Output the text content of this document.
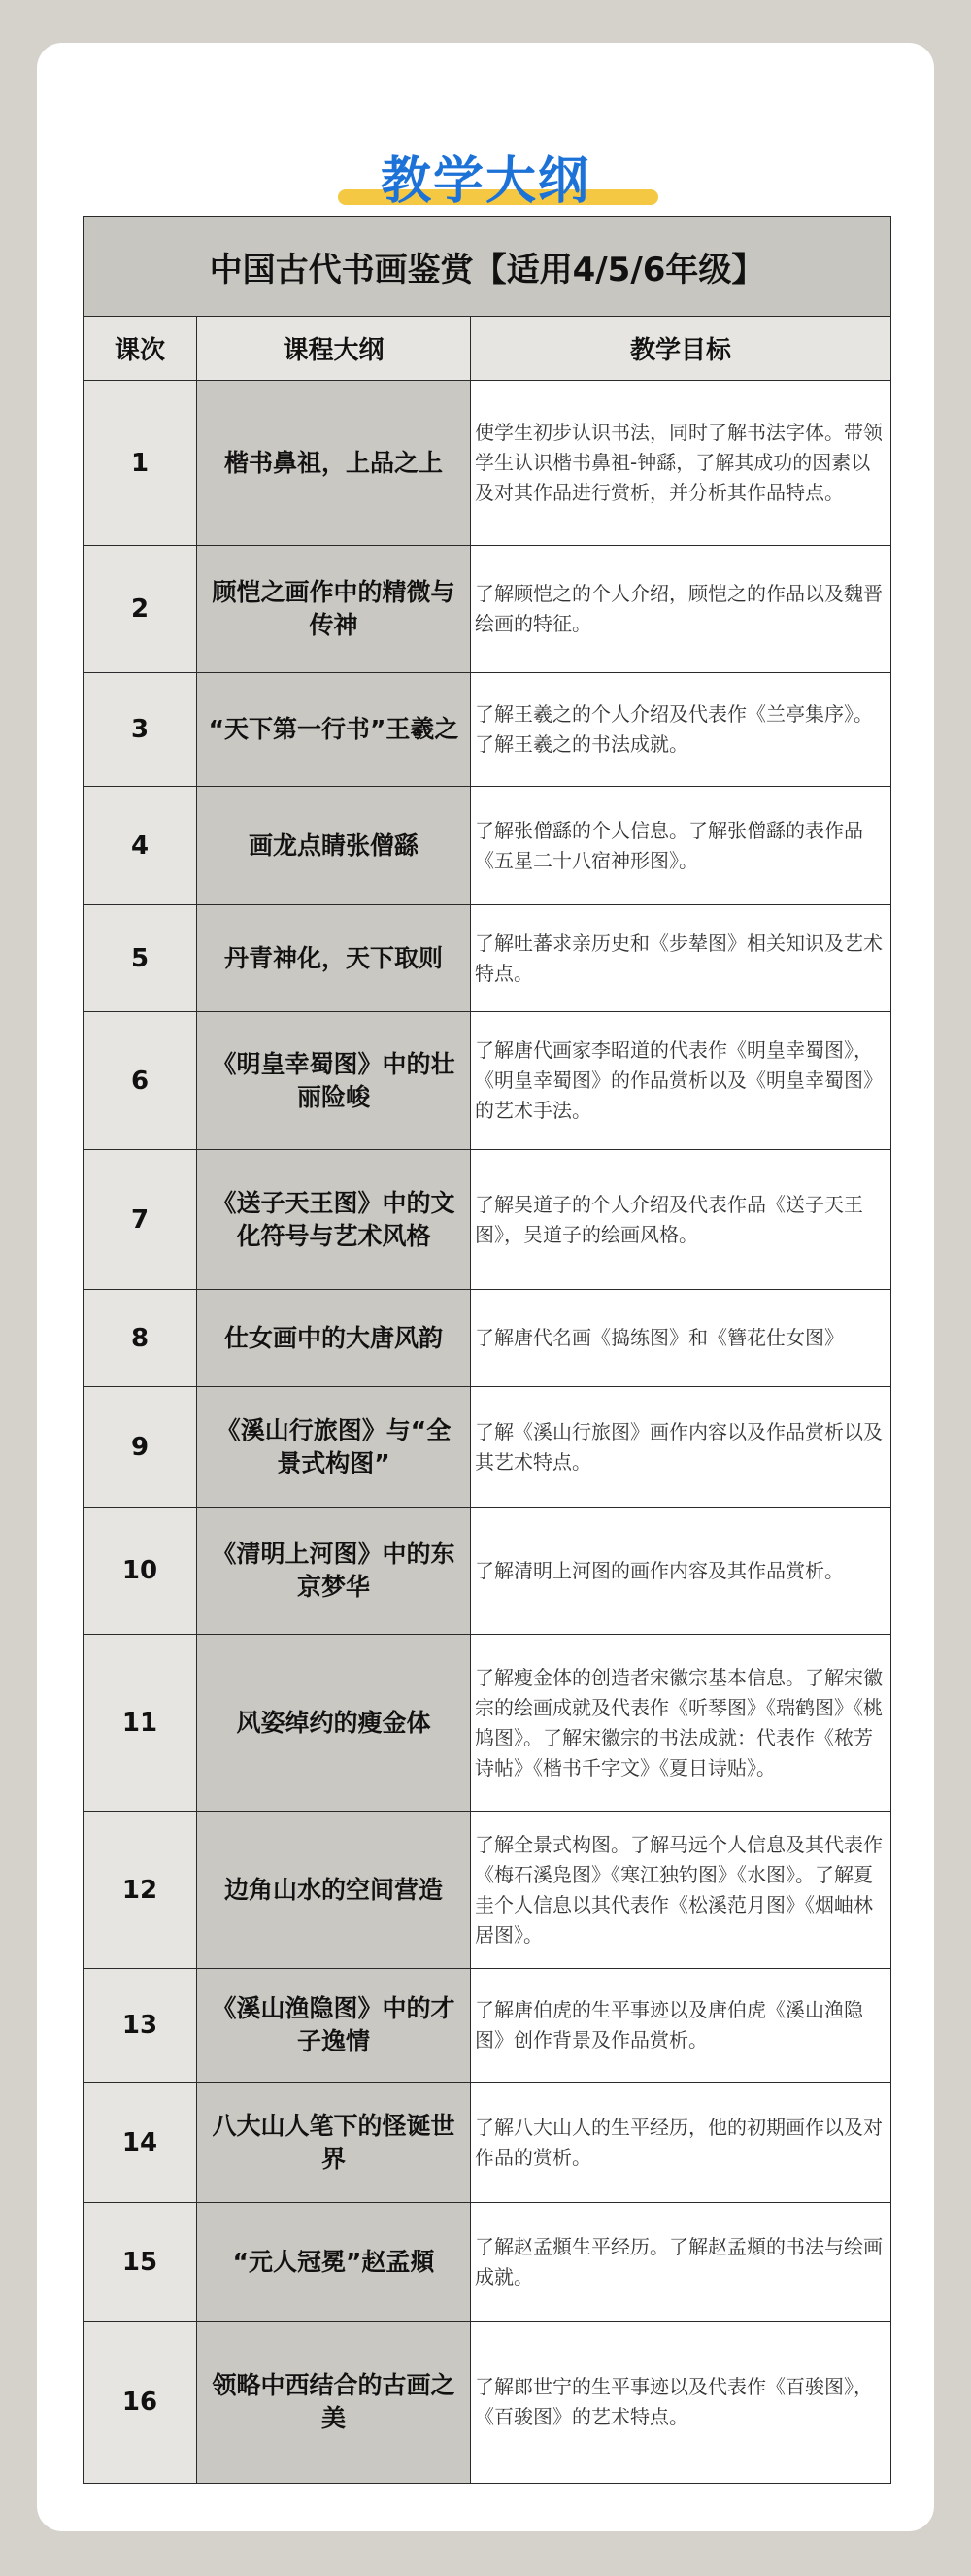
教学大纲
中国古代书画鉴赏【适用4/5/6年级】		
课次	课程大纲	教学目标
1	楷书鼻祖，上品之上	使学生初步认识书法，同时了解书法字体。带领学生认识楷书鼻祖-钟繇，了解其成功的因素以及对其作品进行赏析，并分析其作品特点。
2	顾恺之画作中的精微与传神	了解顾恺之的个人介绍，顾恺之的作品以及魏晋绘画的特征。
3	“天下第一行书”王羲之	了解王羲之的个人介绍及代表作《兰亭集序》。了解王羲之的书法成就。
4	画龙点睛张僧繇	了解张僧繇的个人信息。了解张僧繇的表作品《五星二十八宿神形图》。
5	丹青神化，天下取则	了解吐蕃求亲历史和《步辇图》相关知识及艺术特点。
6	《明皇幸蜀图》中的壮丽险峻	了解唐代画家李昭道的代表作《明皇幸蜀图》，《明皇幸蜀图》的作品赏析以及《明皇幸蜀图》的艺术手法。
7	《送子天王图》中的文化符号与艺术风格	了解吴道子的个人介绍及代表作品《送子天王图》，吴道子的绘画风格。
8	仕女画中的大唐风韵	了解唐代名画《捣练图》和《簪花仕女图》
9	《溪山行旅图》与“全景式构图”	了解《溪山行旅图》画作内容以及作品赏析以及其艺术特点。
10	《清明上河图》中的东京梦华	了解清明上河图的画作内容及其作品赏析。
11	风姿绰约的瘦金体	了解瘦金体的创造者宋徽宗基本信息。了解宋徽宗的绘画成就及代表作《听琴图》《瑞鹤图》《桃鸠图》。了解宋徽宗的书法成就：代表作《秾芳诗帖》《楷书千字文》《夏日诗贴》。
12	边角山水的空间营造	了解全景式构图。了解马远个人信息及其代表作《梅石溪凫图》《寒江独钓图》《水图》。了解夏圭个人信息以其代表作《松溪范月图》《烟岫林居图》。
13	《溪山渔隐图》中的才子逸情	了解唐伯虎的生平事迹以及唐伯虎《溪山渔隐图》创作背景及作品赏析。
14	八大山人笔下的怪诞世界	了解八大山人的生平经历，他的初期画作以及对作品的赏析。
15	“元人冠冕”赵孟頫	了解赵孟頫生平经历。了解赵孟頫的书法与绘画成就。
16	领略中西结合的古画之美	了解郎世宁的生平事迹以及代表作《百骏图》，《百骏图》的艺术特点。
